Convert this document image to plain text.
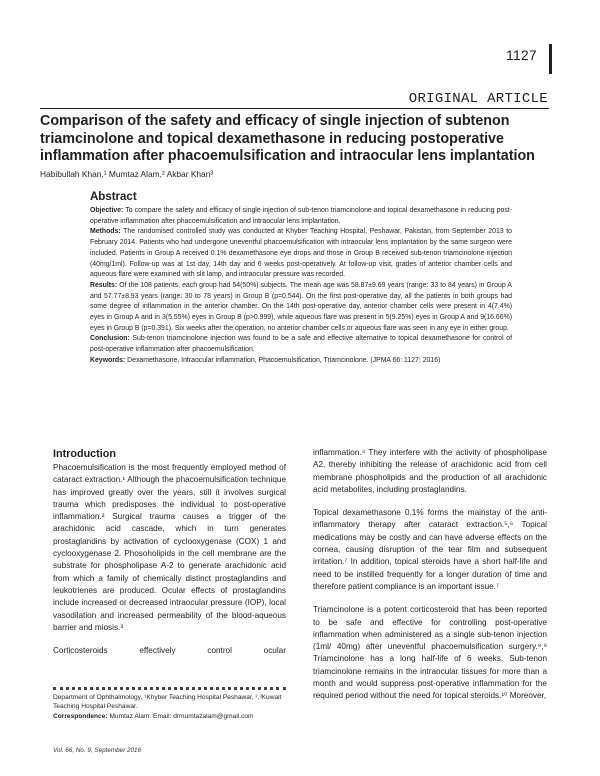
1127
ORIGINAL ARTICLE
Comparison of the safety and efficacy of single injection of subtenon triamcinolone and topical dexamethasone in reducing postoperative inflammation after phacoemulsification and intraocular lens implantation
Habibullah Khan,¹ Mumtaz Alam,² Akbar Khan³
Abstract

Objective: To compare the safety and efficacy of single injection of sub-tenon triamcinolone and topical dexamethasone in reducing post-operative inflammation after phacoemulsification and intraocular lens implantation.

Methods: The randomised controlled study was conducted at Khyber Teaching Hospital, Peshawar, Pakistan, from September 2013 to February 2014. Patients who had undergone uneventful phacoemulsification with intraocular lens implantation by the same surgeon were included. Patients in Group A received 0.1% dexamethasone eye drops and those in Group B received sub-tenon triamcinolone injection (40mg/1ml). Follow-up was at 1st day, 14th day and 6 weeks post-operatively. At follow-up visit, grades of anterior chamber cells and aqueous flare were examined with slit lamp, and intraocular pressure was recorded.

Results: Of the 108 patients, each group had 54(50%) subjects. The mean age was 58.87±9.69 years (range: 33 to 84 years) in Group A and 57.77±8.93 years (range: 30 to 78 years) in Group B (p=0.544). On the first post-operative day, all the patients in both groups had some degree of inflammation in the anterior chamber. On the 14th post-operative day, anterior chamber cells were present in 4(7.4%) eyes in Group A and in 3(5.55%) eyes in Group B (p>0.999), while aqueous flare was present in 5(9.25%) eyes in Group A and 9(16.66%) eyes in Group B (p=0.391). Six weeks after the operation, no anterior chamber cells or aqueous flare was seen in any eye in either group.

Conclusion: Sub-tenon triamcinolone injection was found to be a safe and effective alternative to topical dexamethasone for control of post-operative inflammation after phacoemulsification.

Keywords: Dexamethasone, Intraocular inflammation, Phacoemulsification, Triamcinolone. (JPMA 66: 1127; 2016)

Introduction

Phacoemulsification is the most frequently employed method of cataract extraction.¹ Although the phacoemulsification technique has improved greatly over the years, still it involves surgical trauma which predisposes the individual to post-operative inflammation.² Surgical trauma causes a trigger of the arachidonic acid cascade, which in turn generates prostaglandins by activation of cyclooxygenase (COX) 1 and cyclooxygenase 2. Phosoholipids in the cell membrane are the substrate for phospholipase A-2 to generate arachidonic acid from which a family of chemically distinct prostaglandins and leukotrienes are produced. Ocular effects of prostaglandins include increased or decreased intraocular pressure (IOP), local vasodilation and increased permeability of the blood-aqueous barrier and miosis.³

Corticosteroids	effectively	control	ocular

Department of Ophthalmology, ¹Khyber Teaching Hospital Peshawar, ²,³Kuwait Teaching Hospital Peshawar.

Correspondence: Mumtaz Alam. Email: drmumtazalam@gmail.com

Vol. 66, No. 9, September 2016

inflammation.⁴ They interfere with the activity of phospholipase A2, thereby inhibiting the release of arachidonic acid from cell membrane phospholipids and the production of all arachidonic acid metabolites, including prostaglandins.

Topical dexamethasone 0.1% forms the mainstay of the anti-inflammatory therapy after cataract extraction.⁵,⁶ Topical medications may be costly and can have adverse effects on the cornea, causing disruption of the tear film and subsequent irritation.⁷ In addition, topical steroids have a short half-life and need to be instilled frequently for a longer duration of time and therefore patient compliance is an important issue.⁷

Triamcinolone is a potent corticosteroid that has been reported to be safe and effective for controlling post-operative inflammation when administered as a single sub-tenon injection (1ml/ 40mg) after uneventful phacoemulsification surgery.⁸,⁹ Triamcinolone has a long half-life of 6 weeks. Sub-tenon triamcinolone remains in the intraocular tissues for more than a month and would suppress post-operative inflammation for the required period without the need for topical steroids.¹⁰ Moreover,
